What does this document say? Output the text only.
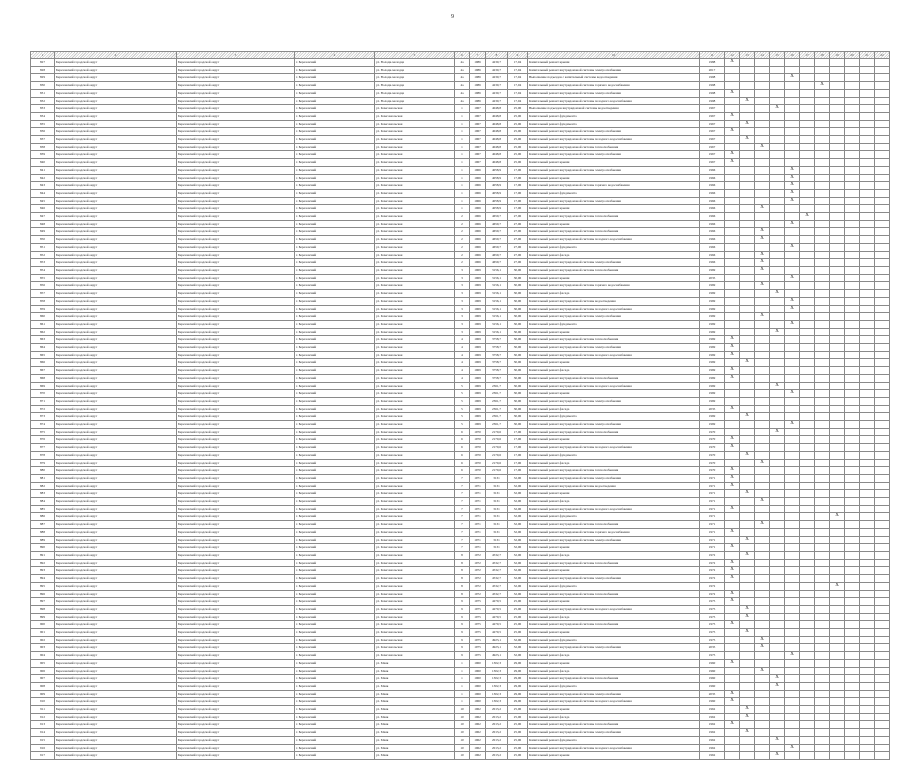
9
1	2	3	4	5	6	7	8	9	10	11	12	13	14	15	16	17	18	19	20	21	22
827	Березовский городской округ	Березовский городской округ	г. Березовский	ул. Володи-молодца	4а	1986	4230,7	17,04	Капитальный ремонт крыши	1988	X										
828	Березовский городской округ	Березовский городской округ	г. Березовский	ул. Володи-молодца	4а	1986	4230,7	17,04	Капитальный ремонт внутридомовой системы электроснабжения	2017											
829	Березовский городской округ	Березовский городской округ	г. Березовский	ул. Володи-молодца	4а	1986	4230,7	17,04	Выполнение подъездов с капитальный системы водоотведения	1998					X						
830	Березовский городской округ	Березовский городской округ	г. Березовский	ул. Володи-молодца	4а	1986	4230,7	17,04	Капитальный ремонт внутридомовой системы горячего водоснабжения	1998							X				
831	Березовский городской округ	Березовский городской округ	г. Березовский	ул. Володи-молодца	4а	1986	4230,7	17,04	Капитальный ремонт внутридомовой системы электроснабжения	1998	X										
832	Березовский городской округ	Березовский городской округ	г. Березовский	ул. Володи-молодца	4а	1986	4230,7	17,04	Капитальный ремонт внутридомовой системы холодного водоснабжения	1998		X									
833	Березовский городской округ	Березовский городской округ	г. Березовский	ул. Комсомольская	1	1967	4048,8	25,06	Выполнение подъездов внутридомовой системы водоотведения	1967				X							
834	Березовский городской округ	Березовский городской округ	г. Березовский	ул. Комсомольская	1	1967	4048,8	25,06	Капитальный ремонт фундамента	1967	X										
835	Березовский городской округ	Березовский городской округ	г. Березовский	ул. Комсомольская	1	1967	4048,8	25,06	Капитальный ремонт фундамента	1967		X									
836	Березовский городской округ	Березовский городской округ	г. Березовский	ул. Комсомольская	1	1967	4048,8	25,06	Капитальный ремонт внутридомовой системы электроснабжения	1967	X										
837	Березовский городской округ	Березовский городской округ	г. Березовский	ул. Комсомольская	1	1967	4048,8	25,06	Капитальный ремонт внутридомовой системы холодного водоснабжения	1967		X									
838	Березовский городской округ	Березовский городской округ	г. Березовский	ул. Комсомольская	1	1967	4048,8	25,06	Капитальный ремонт внутридомовой системы теплоснабжения	1967			X								
839	Березовский городской округ	Березовский городской округ	г. Березовский	ул. Комсомольская	1	1967	4048,8	25,06	Капитальный ремонт внутридомовой системы электроснабжения	1967	X										
840	Березовский городской округ	Березовский городской округ	г. Березовский	ул. Комсомольская	1	1967	4048,8	25,06	Капитальный ремонт крыши	1967	X										
841	Березовский городской округ	Березовский городской округ	г. Березовский	ул. Комсомольская	1	1966	4058,9	17,06	Капитальный ремонт внутридомовой системы электроснабжения	1966					X						
842	Березовский городской округ	Березовский городской округ	г. Березовский	ул. Комсомольская	1	1966	4058,9	17,06	Капитальный ремонт крыши	1966					X						
843	Березовский городской округ	Березовский городской округ	г. Березовский	ул. Комсомольская	1	1966	4058,9	17,06	Капитальный ремонт внутридомовой системы горячего водоснабжения	1966					X						
844	Березовский городской округ	Березовский городской округ	г. Березовский	ул. Комсомольская	1	1966	4058,9	17,06	Капитальный ремонт фундамента	1966					X						
845	Березовский городской округ	Березовский городской округ	г. Березовский	ул. Комсомольская	1	1966	4058,9	17,06	Капитальный ремонт внутридомовой системы электроснабжения	1966					X						
846	Березовский городской округ	Березовский городской округ	г. Березовский	ул. Комсомольская	1	1966	4058,9	17,06	Капитальный ремонт крыши	1966			X								
847	Березовский городской округ	Березовский городской округ	г. Березовский	ул. Комсомольская	2	1966	4659,7	27,06	Капитальный ремонт внутридомовой системы теплоснабжения	1966						X					
848	Березовский городской округ	Березовский городской округ	г. Березовский	ул. Комсомольская	2	1966	4659,7	27,06	Капитальный ремонт крыши	1966					X						
849	Березовский городской округ	Березовский городской округ	г. Березовский	ул. Комсомольская	2	1966	4659,7	27,06	Капитальный ремонт внутридомовой системы теплоснабжения	1966			X								
850	Березовский городской округ	Березовский городской округ	г. Березовский	ул. Комсомольская	2	1966	4659,7	27,06	Капитальный ремонт внутридомовой системы холодного водоснабжения	1966			X								
851	Березовский городской округ	Березовский городской округ	г. Березовский	ул. Комсомольская	2	1966	4659,7	27,06	Капитальный ремонт фундамента	1966					X						
852	Березовский городской округ	Березовский городской округ	г. Березовский	ул. Комсомольская	2	1966	4659,7	27,06	Капитальный ремонт фасада	1966			X								
853	Березовский городской округ	Березовский городской округ	г. Березовский	ул. Комсомольская	2	1966	4659,7	27,06	Капитальный ремонт внутридомовой системы электроснабжения	1966			X								
854	Березовский городской округ	Березовский городской округ	г. Березовский	ул. Комсомольская	3	1969	3156,1	30,06	Капитальный ремонт внутридомовой системы теплоснабжения	1969			X								
855	Березовский городской округ	Березовский городской округ	г. Березовский	ул. Комсомольская	3	1969	3156,1	30,06	Капитальный ремонт крыши	2035					X						
856	Березовский городской округ	Березовский городской округ	г. Березовский	ул. Комсомольская	3	1969	3156,1	30,06	Капитальный ремонт внутридомовой системы горячего водоснабжения	1969			X								
857	Березовский городской округ	Березовский городской округ	г. Березовский	ул. Комсомольская	3	1969	3156,1	30,06	Капитальный ремонт фасада	1969				X							
858	Березовский городской округ	Березовский городской округ	г. Березовский	ул. Комсомольская	3	1969	3156,1	30,06	Капитальный ремонт внутридомовой системы водоотведения	1969					X						
859	Березовский городской округ	Березовский городской округ	г. Березовский	ул. Комсомольская	3	1969	3156,1	30,06	Капитальный ремонт внутридомовой системы холодного водоснабжения	1969					X						
860	Березовский городской округ	Березовский городской округ	г. Березовский	ул. Комсомольская	3	1969	3156,1	30,06	Капитальный ремонт внутридомовой системы электроснабжения	1969			X								
861	Березовский городской округ	Березовский городской округ	г. Березовский	ул. Комсомольская	3	1969	3156,1	30,06	Капитальный ремонт фундамента	1969					X						
862	Березовский городской округ	Березовский городской округ	г. Березовский	ул. Комсомольская	3	1969	3156,1	30,06	Капитальный ремонт крыши	1969				X							
863	Березовский городской округ	Березовский городской округ	г. Березовский	ул. Комсомольская	4	1969	3758,7	30,06	Капитальный ремонт внутридомовой системы теплоснабжения	1969	X										
864	Березовский городской округ	Березовский городской округ	г. Березовский	ул. Комсомольская	4	1969	3758,7	30,06	Капитальный ремонт внутридомовой системы электроснабжения	1969	X										
865	Березовский городской округ	Березовский городской округ	г. Березовский	ул. Комсомольская	4	1969	3758,7	30,06	Капитальный ремонт внутридомовой системы холодного водоснабжения	1969	X										
866	Березовский городской округ	Березовский городской округ	г. Березовский	ул. Комсомольская	4	1969	3758,7	30,06	Капитальный ремонт крыши	1969		X									
867	Березовский городской округ	Березовский городской округ	г. Березовский	ул. Комсомольская	4	1969	3758,7	30,06	Капитальный ремонт фасада	1969	X										
868	Березовский городской округ	Березовский городской округ	г. Березовский	ул. Комсомольская	4	1969	3758,7	30,06	Капитальный ремонт внутридомовой системы теплоснабжения	1969	X										
869	Березовский городской округ	Березовский городской округ	г. Березовский	ул. Комсомольская	5	1969	2361,7	30,06	Капитальный ремонт внутридомовой системы холодного водоснабжения	1969				X							
870	Березовский городской округ	Березовский городской округ	г. Березовский	ул. Комсомольская	5	1969	2361,7	30,06	Капитальный ремонт крыши	1969					X						
871	Березовский городской округ	Березовский городской округ	г. Березовский	ул. Комсомольская	5	1969	2361,7	30,06	Капитальный ремонт внутридомовой системы электроснабжения	1969											
872	Березовский городской округ	Березовский городской округ	г. Березовский	ул. Комсомольская	5	1969	2361,7	30,06	Капитальный ремонт фасада	2035	X										
873	Березовский городской округ	Березовский городской округ	г. Березовский	ул. Комсомольская	5	1969	2361,7	30,06	Капитальный ремонт фундамента	1969		X									
874	Березовский городской округ	Березовский городской округ	г. Березовский	ул. Комсомольская	5	1969	2361,7	30,06	Капитальный ремонт внутридомовой системы электроснабжения	1969					X						
875	Березовский городской округ	Березовский городской округ	г. Березовский	ул. Комсомольская	6	1970	2170,6	17,06	Капитальный ремонт внутридомовой системы теплоснабжения	1970				X							
876	Березовский городской округ	Березовский городской округ	г. Березовский	ул. Комсомольская	6	1970	2170,6	17,06	Капитальный ремонт крыши	1970	X										
877	Березовский городской округ	Березовский городской округ	г. Березовский	ул. Комсомольская	6	1970	2170,6	17,06	Капитальный ремонт внутридомовой системы холодного водоснабжения	1970	X										
878	Березовский городской округ	Березовский городской округ	г. Березовский	ул. Комсомольская	6	1970	2170,6	17,06	Капитальный ремонт фундамента	1970		X									
879	Березовский городской округ	Березовский городской округ	г. Березовский	ул. Комсомольская	6	1970	2170,6	17,06	Капитальный ремонт фасада	1970			X								
880	Березовский городской округ	Березовский городской округ	г. Березовский	ул. Комсомольская	6	1970	2170,6	17,06	Капитальный ремонт внутридомовой системы теплоснабжения	1970	X										
881	Березовский городской округ	Березовский городской округ	г. Березовский	ул. Комсомольская	7	1971	3131	32,06	Капитальный ремонт внутридомовой системы электроснабжения	1971	X										
882	Березовский городской округ	Березовский городской округ	г. Березовский	ул. Комсомольская	7	1971	3131	32,06	Капитальный ремонт внутридомовой системы водоотведения	1971	X										
883	Березовский городской округ	Березовский городской округ	г. Березовский	ул. Комсомольская	7	1971	3131	32,06	Капитальный ремонт крыши	1971		X									
884	Березовский городской округ	Березовский городской округ	г. Березовский	ул. Комсомольская	7	1971	3131	32,06	Капитальный ремонт фасада	1971			X								
885	Березовский городской округ	Березовский городской округ	г. Березовский	ул. Комсомольская	7	1971	3131	32,06	Капитальный ремонт внутридомовой системы холодного водоснабжения	1971	X										
886	Березовский городской округ	Березовский городской округ	г. Березовский	ул. Комсомольская	7	1971	3131	32,06	Капитальный ремонт фундамента	1971								X			
887	Березовский городской округ	Березовский городской округ	г. Березовский	ул. Комсомольская	7	1971	3131	32,06	Капитальный ремонт внутридомовой системы теплоснабжения	1971			X								
888	Березовский городской округ	Березовский городской округ	г. Березовский	ул. Комсомольская	7	1971	3131	32,06	Капитальный ремонт внутридомовой системы горячего водоснабжения	1971	X										
889	Березовский городской округ	Березовский городской округ	г. Березовский	ул. Комсомольская	7	1971	3131	32,06	Капитальный ремонт внутридомовой системы электроснабжения	1971		X									
890	Березовский городской округ	Березовский городской округ	г. Березовский	ул. Комсомольская	7	1971	3131	32,06	Капитальный ремонт крыши	1971	X										
891	Березовский городской округ	Березовский городской округ	г. Березовский	ул. Комсомольская	8	1972	4532,7	32,06	Капитальный ремонт фасада	1972		X									
892	Березовский городской округ	Березовский городской округ	г. Березовский	ул. Комсомольская	8	1972	4532,7	32,06	Капитальный ремонт внутридомовой системы теплоснабжения	1972	X										
893	Березовский городской округ	Березовский городской округ	г. Березовский	ул. Комсомольская	8	1972	4532,7	32,06	Капитальный ремонт крыши	1972	X										
894	Березовский городской округ	Березовский городской округ	г. Березовский	ул. Комсомольская	8	1972	4532,7	32,06	Капитальный ремонт внутридомовой системы электроснабжения	1972	X										
895	Березовский городской округ	Березовский городской округ	г. Березовский	ул. Комсомольская	8	1972	4532,7	32,06	Капитальный ремонт фундамента	1972								X			
896	Березовский городской округ	Березовский городской округ	г. Березовский	ул. Комсомольская	8	1972	4532,7	32,06	Капитальный ремонт внутридомовой системы теплоснабжения	1972	X										
897	Березовский городской округ	Березовский городской округ	г. Березовский	ул. Комсомольская	9	1975	4270,5	25,06	Капитальный ремонт крыши	1975	X										
898	Березовский городской округ	Березовский городской округ	г. Березовский	ул. Комсомольская	9	1975	4270,5	25,06	Капитальный ремонт внутридомовой системы холодного водоснабжения	1975		X									
899	Березовский городской округ	Березовский городской округ	г. Березовский	ул. Комсомольская	9	1975	4270,5	25,06	Капитальный ремонт фасада	1975		X									
900	Березовский городской округ	Березовский городской округ	г. Березовский	ул. Комсомольская	9	1975	4270,5	25,06	Капитальный ремонт внутридомовой системы теплоснабжения	1975	X										
901	Березовский городской округ	Березовский городской округ	г. Березовский	ул. Комсомольская	9	1975	4270,5	25,06	Капитальный ремонт крыши	1975		X									
902	Березовский городской округ	Березовский городской округ	г. Березовский	ул. Комсомольская	9	1975	4923,1	32,06	Капитальный ремонт фундамента	1975			X								
903	Березовский городской округ	Березовский городской округ	г. Березовский	ул. Комсомольская	9	1975	4923,1	32,06	Капитальный ремонт внутридомовой системы электроснабжения	2035			X								
904	Березовский городской округ	Березовский городской округ	г. Березовский	ул. Комсомольская	9	1975	4923,1	32,06	Капитальный ремонт фасада	1975					X						
905	Березовский городской округ	Березовский городской округ	г. Березовский	ул. Маяк	1	1960	1302,3	29,06	Капитальный ремонт крыши	1960	X										
906	Березовский городской округ	Березовский городской округ	г. Березовский	ул. Маяк	1	1960	1302,3	29,06	Капитальный ремонт фасада	1960			X								
907	Березовский городской округ	Березовский городской округ	г. Березовский	ул. Маяк	1	1960	1302,3	29,06	Капитальный ремонт внутридомовой системы теплоснабжения	1960				X							
908	Березовский городской округ	Березовский городской округ	г. Березовский	ул. Маяк	1	1960	1302,3	29,06	Капитальный ремонт фундамента	1960				X							
909	Березовский городской округ	Березовский городской округ	г. Березовский	ул. Маяк	1	1960	1302,3	29,06	Капитальный ремонт внутридомовой системы электроснабжения	2035	X										
910	Березовский городской округ	Березовский городской округ	г. Березовский	ул. Маяк	1	1960	1302,3	29,06	Капитальный ремонт внутридомовой системы холодного водоснабжения	1960	X										
911	Березовский городской округ	Березовский городской округ	г. Березовский	ул. Маяк	10	1962	2013,2	25,06	Капитальный ремонт крыши	1962		X									
912	Березовский городской округ	Березовский городской округ	г. Березовский	ул. Маяк	10	1962	2013,2	25,06	Капитальный ремонт фасада	1962		X									
913	Березовский городской округ	Березовский городской округ	г. Березовский	ул. Маяк	10	1962	2013,2	25,06	Капитальный ремонт внутридомовой системы теплоснабжения	1962	X										
914	Березовский городской округ	Березовский городской округ	г. Березовский	ул. Маяк	10	1962	2013,2	25,06	Капитальный ремонт внутридомовой системы электроснабжения	1962		X									
915	Березовский городской округ	Березовский городской округ	г. Березовский	ул. Маяк	10	1962	2013,2	25,06	Капитальный ремонт фундамента	1962				X							
916	Березовский городской округ	Березовский городской округ	г. Березовский	ул. Маяк	10	1962	2013,2	25,06	Капитальный ремонт внутридомовой системы холодного водоснабжения	1962					X						
917	Березовский городской округ	Березовский городской округ	г. Березовский	ул. Маяк	10	1962	2013,2	25,06	Капитальный ремонт крыши	1962				X							
